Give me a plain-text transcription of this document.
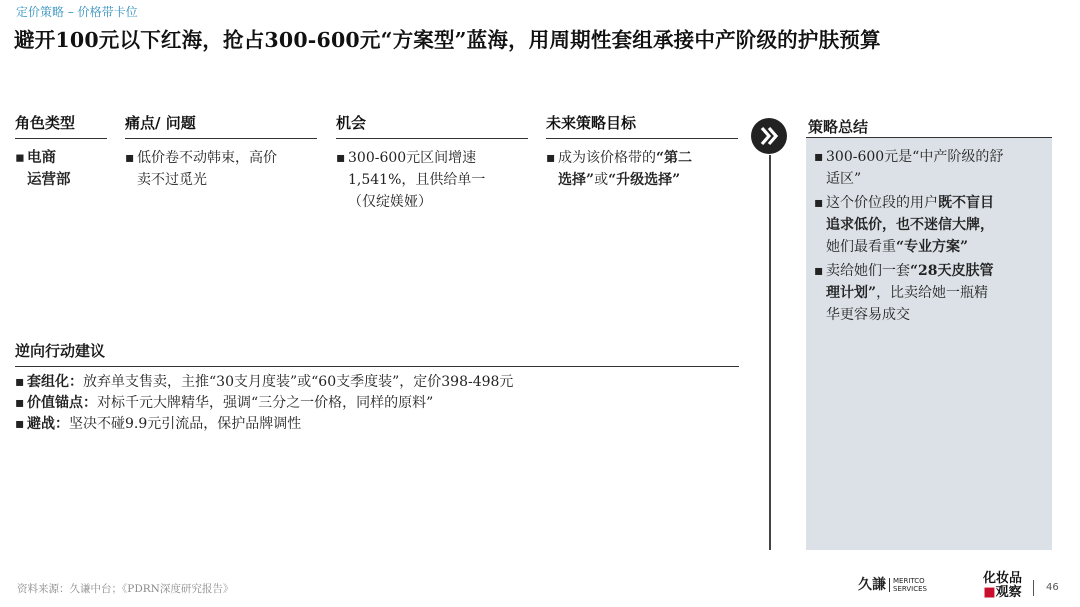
定价策略 – 价格带卡位
避开100元以下红海，抢占300-600元“方案型”蓝海，用周期性套组承接中产阶级的护肤预算
角色类型
▪ 电商
运营部
痛点/ 问题
▪ 低价卷不动韩束，高价
卖不过觅光
机会
▪ 300-600元区间增速
1,541%，且供给单一
（仅绽媄娅）
未来策略目标
▪ 成为该价格带的“第二
选择”或“升级选择”
策略总结
▪ 300-600元是“中产阶级的舒
适区”
▪ 这个价位段的用户既不盲目
追求低价，也不迷信大牌，
她们最看重“专业方案”
▪ 卖给她们一套“28天皮肤管
理计划”，比卖给她一瓶精
华更容易成交
逆向行动建议
▪ 套组化：放弃单支售卖，主推“30支月度装”或“60支季度装”，定价398-498元
▪ 价值锚点：对标千元大牌精华，强调“三分之一价格，同样的原料”
▪ 避战：坚决不碰9.9元引流品，保护品牌调性
资料来源：久谦中台；《PDRN深度研究报告》	久謙 MERITCO
SERVICES
化妆品
■观察 46
